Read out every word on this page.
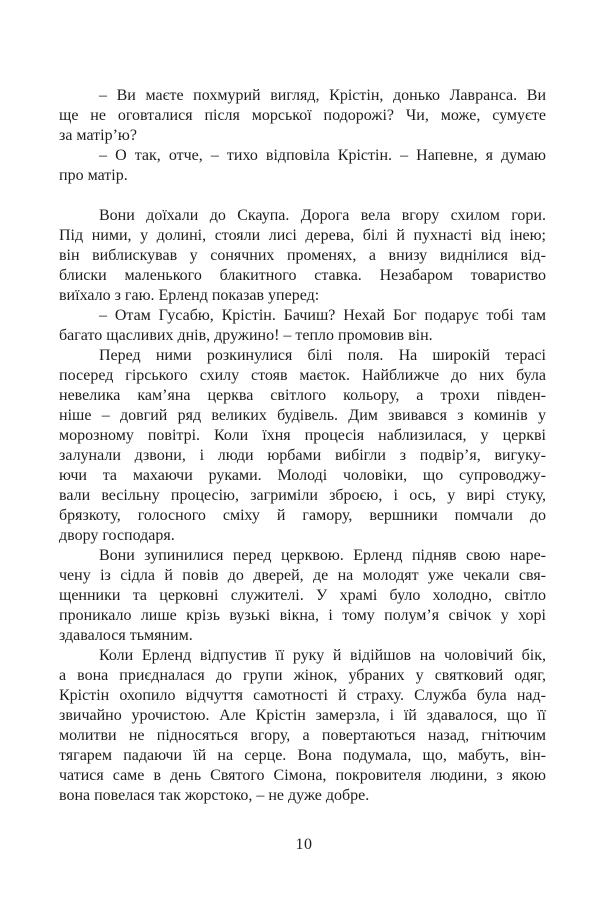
– Ви маєте похмурий вигляд, Крістін, донько Лавранса. Ви
ще не оговталися після морської подорожі? Чи, може, сумуєте
за матір’ю?

– О так, отче, – тихо відповіла Крістін. – Напевне, я думаю
про матір.

Вони доїхали до Скаупа. Дорога вела вгору схилом гори.
Під ними, у долині, стояли лисі дерева, білі й пухнасті від інею;
він виблискував у сонячних променях, а внизу виднілися від-
блиски маленького блакитного ставка. Незабаром товариство
виїхало з гаю. Ерленд показав уперед:

– Отам Гусабю, Крістін. Бачиш? Нехай Бог подарує тобі там
багато щасливих днів, дружино! – тепло промовив він.

Перед ними розкинулися білі поля. На широкій терасі
посеред гірського схилу стояв маєток. Найближче до них була
невелика кам’яна церква світлого кольору, а трохи півден-
ніше – довгий ряд великих будівель. Дим звивався з коминів у
морозному повітрі. Коли їхня процесія наблизилася, у церкві
залунали дзвони, і люди юрбами вибігли з подвір’я, вигуку-
ючи та махаючи руками. Молоді чоловіки, що супроводжу-
вали весільну процесію, загриміли зброєю, і ось, у вирі стуку,
брязкоту, голосного сміху й гамору, вершники помчали до
двору господаря.

Вони зупинилися перед церквою. Ерленд підняв свою наре-
чену із сідла й повів до дверей, де на молодят уже чекали свя-
щенники та церковні служителі. У храмі було холодно, світло
проникало лише крізь вузькі вікна, і тому полум’я свічок у хорі
здавалося тьмяним.

Коли Ерленд відпустив її руку й відійшов на чоловічий бік,
а вона приєдналася до групи жінок, убраних у святковий одяг,
Крістін охопило відчуття самотності й страху. Служба була над-
звичайно урочистою. Але Крістін замерзла, і їй здавалося, що її
молитви не підносяться вгору, а повертаються назад, гнітючим
тягарем падаючи їй на серце. Вона подумала, що, мабуть, він-
чатися саме в день Святого Сімона, покровителя людини, з якою
вона повелася так жорстоко, – не дуже добре.

10
